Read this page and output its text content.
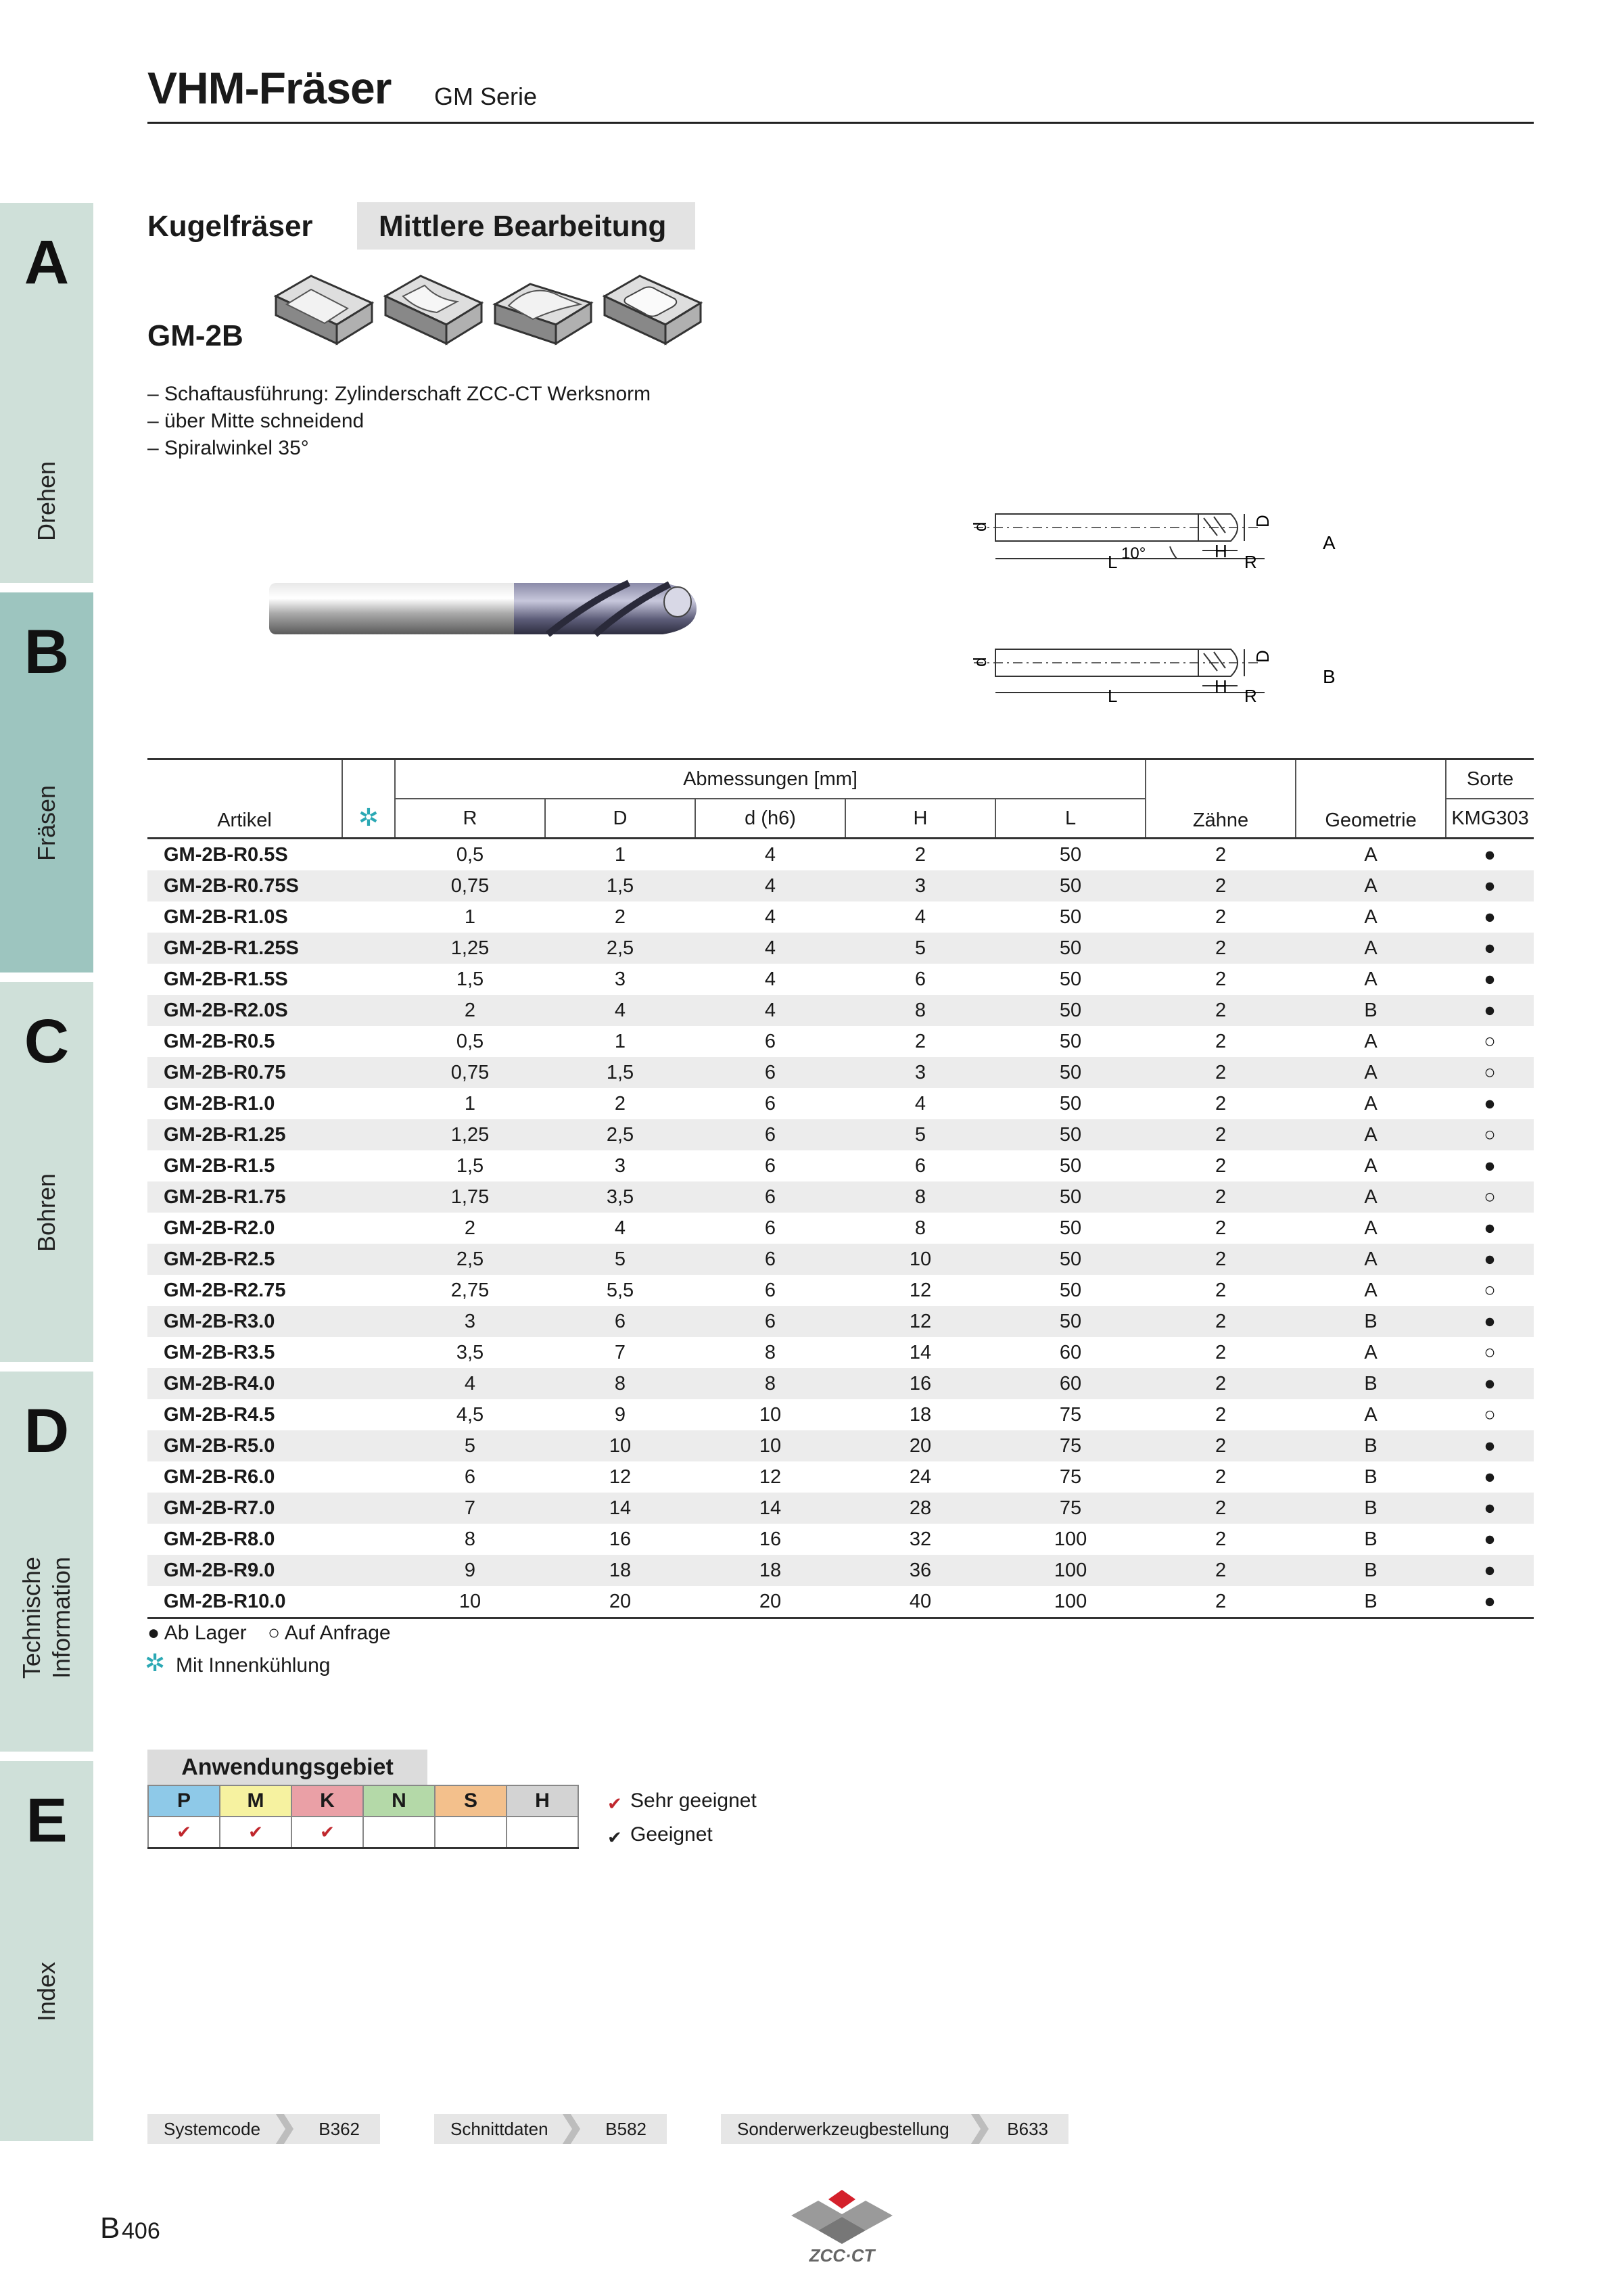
VHM-Fräser GM Serie
A
Drehen
B
Fräsen
C
Bohren
D
Technische Information
E
Index
Kugelfräser Mittlere Bearbeitung
GM-2B
– Schaftausführung: Zylinderschaft ZCC-CT Werksnorm
– über Mitte schneidend
– Spiralwinkel 35°
d	D
L 10°	H
R
A
d	D
L	H R
B
Artikel	✲	Abmessungen [mm]					Zähne	Geometrie	Sorte
		R	D	d (h6)	H	L			KMG303
GM-2B-R0.5S		0,5	1	4	2	50	2	A	●
GM-2B-R0.75S		0,75	1,5	4	3	50	2	A	●
GM-2B-R1.0S		1	2	4	4	50	2	A	●
GM-2B-R1.25S		1,25	2,5	4	5	50	2	A	●
GM-2B-R1.5S		1,5	3	4	6	50	2	A	●
GM-2B-R2.0S		2	4	4	8	50	2	B	●
GM-2B-R0.5		0,5	1	6	2	50	2	A	○
GM-2B-R0.75		0,75	1,5	6	3	50	2	A	○
GM-2B-R1.0		1	2	6	4	50	2	A	●
GM-2B-R1.25		1,25	2,5	6	5	50	2	A	○
GM-2B-R1.5		1,5	3	6	6	50	2	A	●
GM-2B-R1.75		1,75	3,5	6	8	50	2	A	○
GM-2B-R2.0		2	4	6	8	50	2	A	●
GM-2B-R2.5		2,5	5	6	10	50	2	A	●
GM-2B-R2.75		2,75	5,5	6	12	50	2	A	○
GM-2B-R3.0		3	6	6	12	50	2	B	●
GM-2B-R3.5		3,5	7	8	14	60	2	A	○
GM-2B-R4.0		4	8	8	16	60	2	B	●
GM-2B-R4.5		4,5	9	10	18	75	2	A	○
GM-2B-R5.0		5	10	10	20	75	2	B	●
GM-2B-R6.0		6	12	12	24	75	2	B	●
GM-2B-R7.0		7	14	14	28	75	2	B	●
GM-2B-R8.0		8	16	16	32	100	2	B	●
GM-2B-R9.0		9	18	18	36	100	2	B	●
GM-2B-R10.0		10	20	20	40	100	2	B	●
● Ab Lager ○ Auf Anfrage
✲ Mit Innenkühlung
Anwendungsgebiet
P	M	K	N	S	H
✔	✔	✔			
✔ Sehr geeignet
✔ Geeignet
Systemcode	B362	Schnittdaten	B582	Sonderwerkzeugbestellung	B633
B 406
ZCC·CT
